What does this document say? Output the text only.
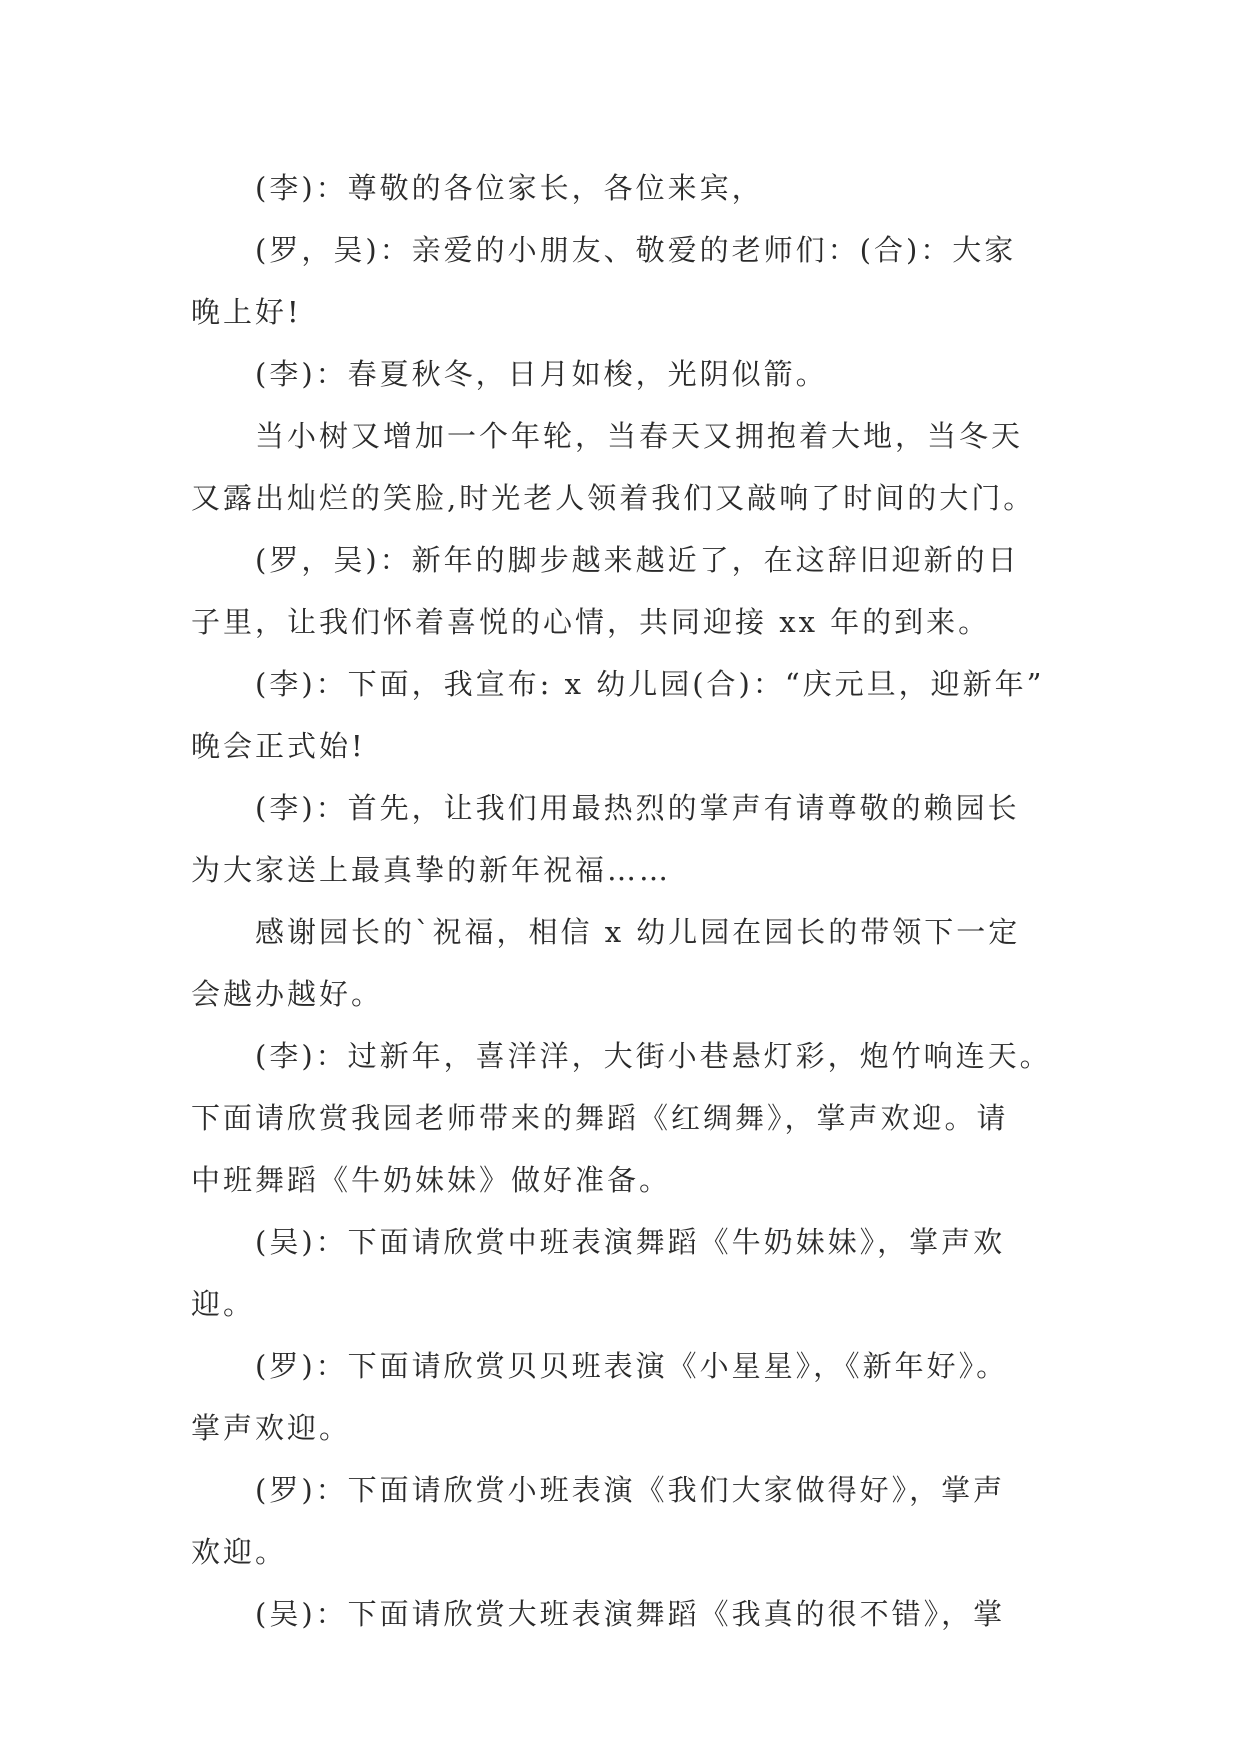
(李)：尊敬的各位家长，各位来宾，

(罗，吴)：亲爱的小朋友、敬爱的老师们：(合)：大家
晚上好!

(李)：春夏秋冬，日月如梭，光阴似箭。

当小树又增加一个年轮，当春天又拥抱着大地，当冬天
又露出灿烂的笑脸,时光老人领着我们又敲响了时间的大门。

(罗，吴)：新年的脚步越来越近了，在这辞旧迎新的日
子里，让我们怀着喜悦的心情，共同迎接 xx 年的到来。

(李)：下面，我宣布: x 幼儿园(合)：“庆元旦，迎新年”
晚会正式始!

(李)：首先，让我们用最热烈的掌声有请尊敬的赖园长
为大家送上最真挚的新年祝福……

感谢园长的`祝福，相信 x 幼儿园在园长的带领下一定
会越办越好。

(李)：过新年，喜洋洋，大街小巷悬灯彩，炮竹响连天。
下面请欣赏我园老师带来的舞蹈《红绸舞》，掌声欢迎。请
中班舞蹈《牛奶妹妹》做好准备。

(吴)：下面请欣赏中班表演舞蹈《牛奶妹妹》，掌声欢
迎。

(罗)：下面请欣赏贝贝班表演《小星星》，《新年好》。
掌声欢迎。

(罗)：下面请欣赏小班表演《我们大家做得好》，掌声
欢迎。

(吴)：下面请欣赏大班表演舞蹈《我真的很不错》，掌
